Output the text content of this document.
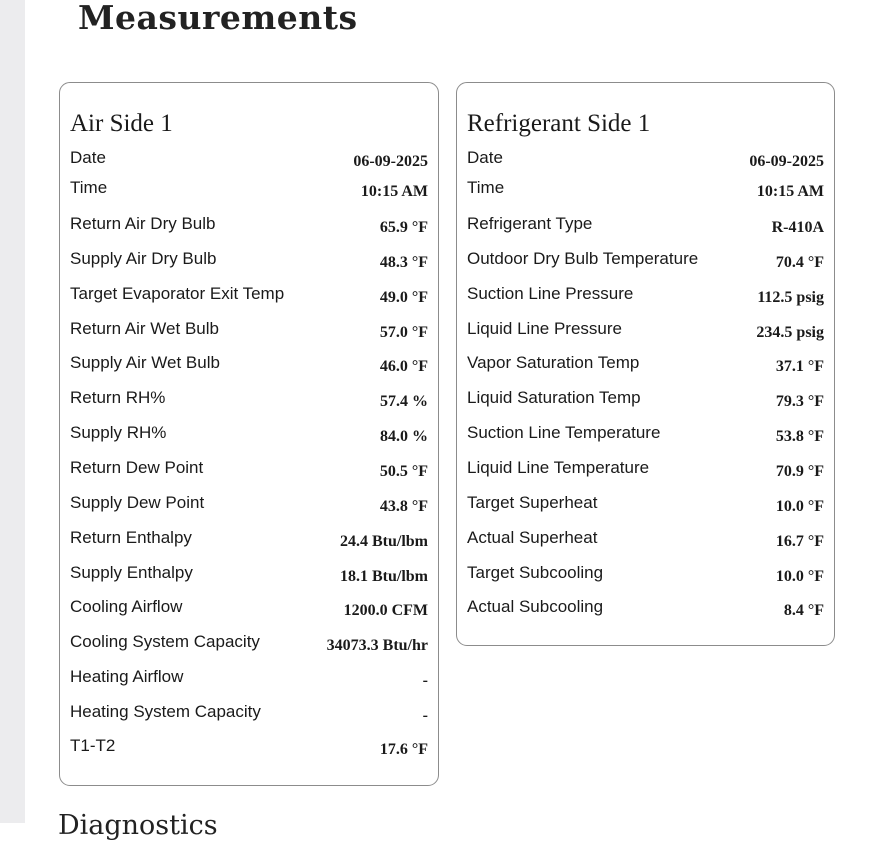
Measurements
Air Side 1
Date	06-09-2025
Time	10:15 AM
Return Air Dry Bulb	65.9 °F
Supply Air Dry Bulb	48.3 °F
Target Evaporator Exit Temp	49.0 °F
Return Air Wet Bulb	57.0 °F
Supply Air Wet Bulb	46.0 °F
Return RH%	57.4 %
Supply RH%	84.0 %
Return Dew Point	50.5 °F
Supply Dew Point	43.8 °F
Return Enthalpy	24.4 Btu/lbm
Supply Enthalpy	18.1 Btu/lbm
Cooling Airflow	1200.0 CFM
Cooling System Capacity	34073.3 Btu/hr
Heating Airflow	-
Heating System Capacity	-
T1-T2	17.6 °F
Refrigerant Side 1
Date	06-09-2025
Time	10:15 AM
Refrigerant Type	R-410A
Outdoor Dry Bulb Temperature	70.4 °F
Suction Line Pressure	112.5 psig
Liquid Line Pressure	234.5 psig
Vapor Saturation Temp	37.1 °F
Liquid Saturation Temp	79.3 °F
Suction Line Temperature	53.8 °F
Liquid Line Temperature	70.9 °F
Target Superheat	10.0 °F
Actual Superheat	16.7 °F
Target Subcooling	10.0 °F
Actual Subcooling	8.4 °F
Diagnostics
